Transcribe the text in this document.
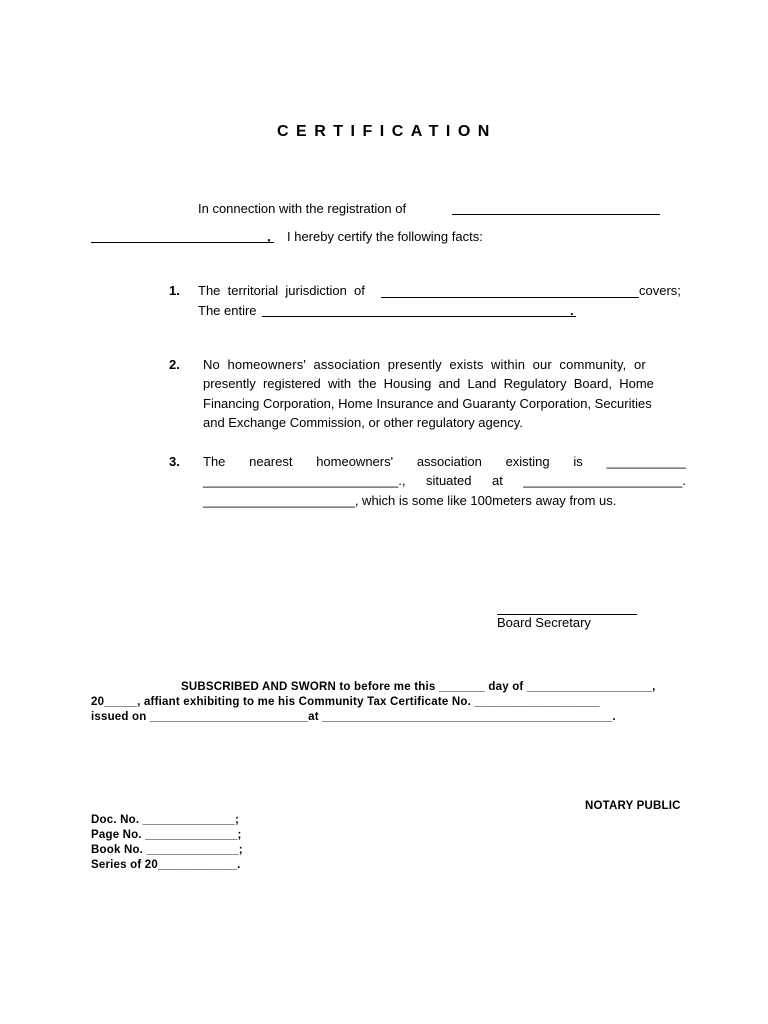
CERTIFICATION
In connection with the registration of
, I hereby certify the following facts:
1. The  territorial  jurisdiction  of	covers;
The entire	.
2. No  homeowners'  association  presently  exists  within  our  community,  or
presently  registered  with  the  Housing  and  Land  Regulatory  Board,  Home
Financing Corporation, Home Insurance and Guaranty Corporation, Securities
and Exchange Commission, or other regulatory agency.
3. The nearest homeowners' association existing is ___________
___________________________., situated at ______________________.
_____________________, which is some like 100meters away from us.
Board Secretary
SUBSCRIBED AND SWORN to before me this _______ day of ___________________,
20_____, affiant exhibiting to me his Community Tax Certificate No. ___________________
issued on ________________________at ____________________________________________.
NOTARY PUBLIC
Doc. No. ______________;
Page No. ______________;
Book No. ______________;
Series of 20____________.
